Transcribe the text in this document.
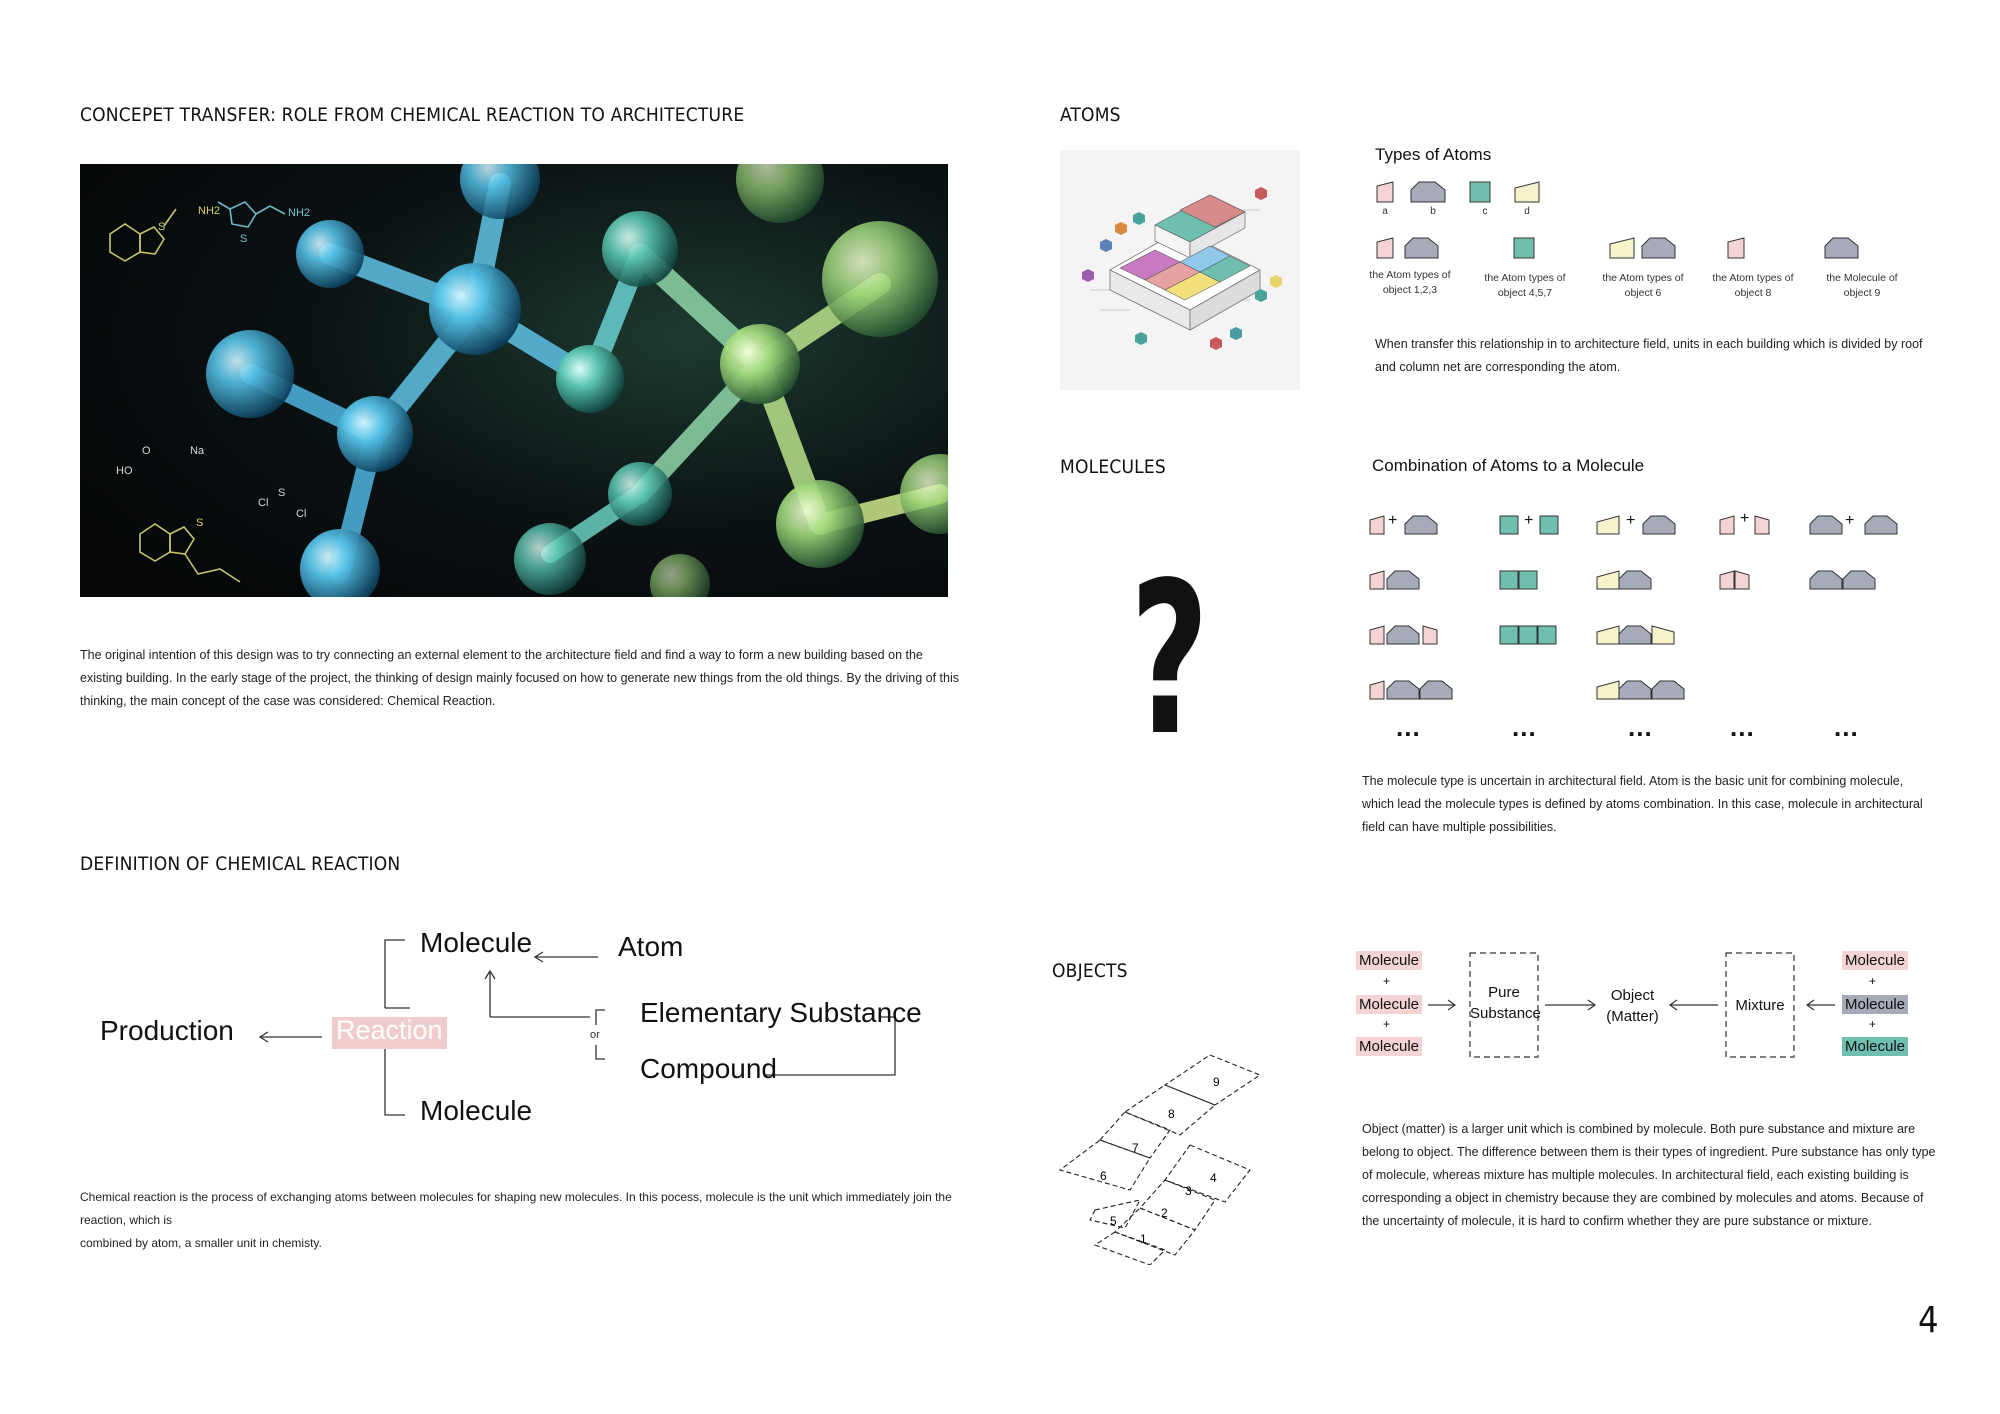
CONCEPET TRANSFER: ROLE FROM CHEMICAL REACTION TO ARCHITECTURE
NH2	NH2
S
S
Na
HO
O
Cl
S
Cl
S
The original intention of this design was to try connecting an external element to the architecture field and find a way to form a new building based on the
existing building. In the early stage of the project, the thinking of design mainly focused on how to generate new things from the old things. By the driving of this
thinking, the main concept of the case was considered: Chemical Reaction.
DEFINITION OF CHEMICAL REACTION
Production	Reaction
Molecule
Molecule
Atom
Elementary Substance
Compound
or
Chemical reaction is the process of exchanging atoms between molecules for shaping new molecules. In this pocess, molecule is the unit which immediately join the reaction, which is
combined by atom, a smaller unit in chemisty.
ATOMS
Types of Atoms
a	b	c	d
the Atom types of
object 1,2,3
the Atom types of
object 4,5,7
the Atom types of
object 6
the Atom types of
object 8
the Molecule of
object 9
When transfer this relationship in to architecture field, units in each building which is divided by roof
and column net are corresponding the atom.
MOLECULES
?
Combination of Atoms to a Molecule
+	+	+	+	+
...	...	...	...	...
The molecule type is uncertain in architectural field. Atom is the basic unit for combining molecule,
which lead the molecule types is defined by atoms combination. In this case, molecule in architectural
field can have multiple possibilities.
OBJECTS	Molecule
+
Molecule
+
Molecule
Pure
Substance
Object
(Matter)
Mixture
Molecule
+
Molecule
+
Molecule
9
8
7
6	4
3
2
5
1
Object (matter) is a larger unit which is combined by molecule. Both pure substance and mixture are
belong to object. The difference between them is their types of ingredient. Pure substance has only type
of molecule, whereas mixture has multiple molecules. In architectural field, each existing building is
corresponding a object in chemistry because they are combined by molecules and atoms. Because of
the uncertainty of molecule, it is hard to confirm whether they are pure substance or mixture.
4
